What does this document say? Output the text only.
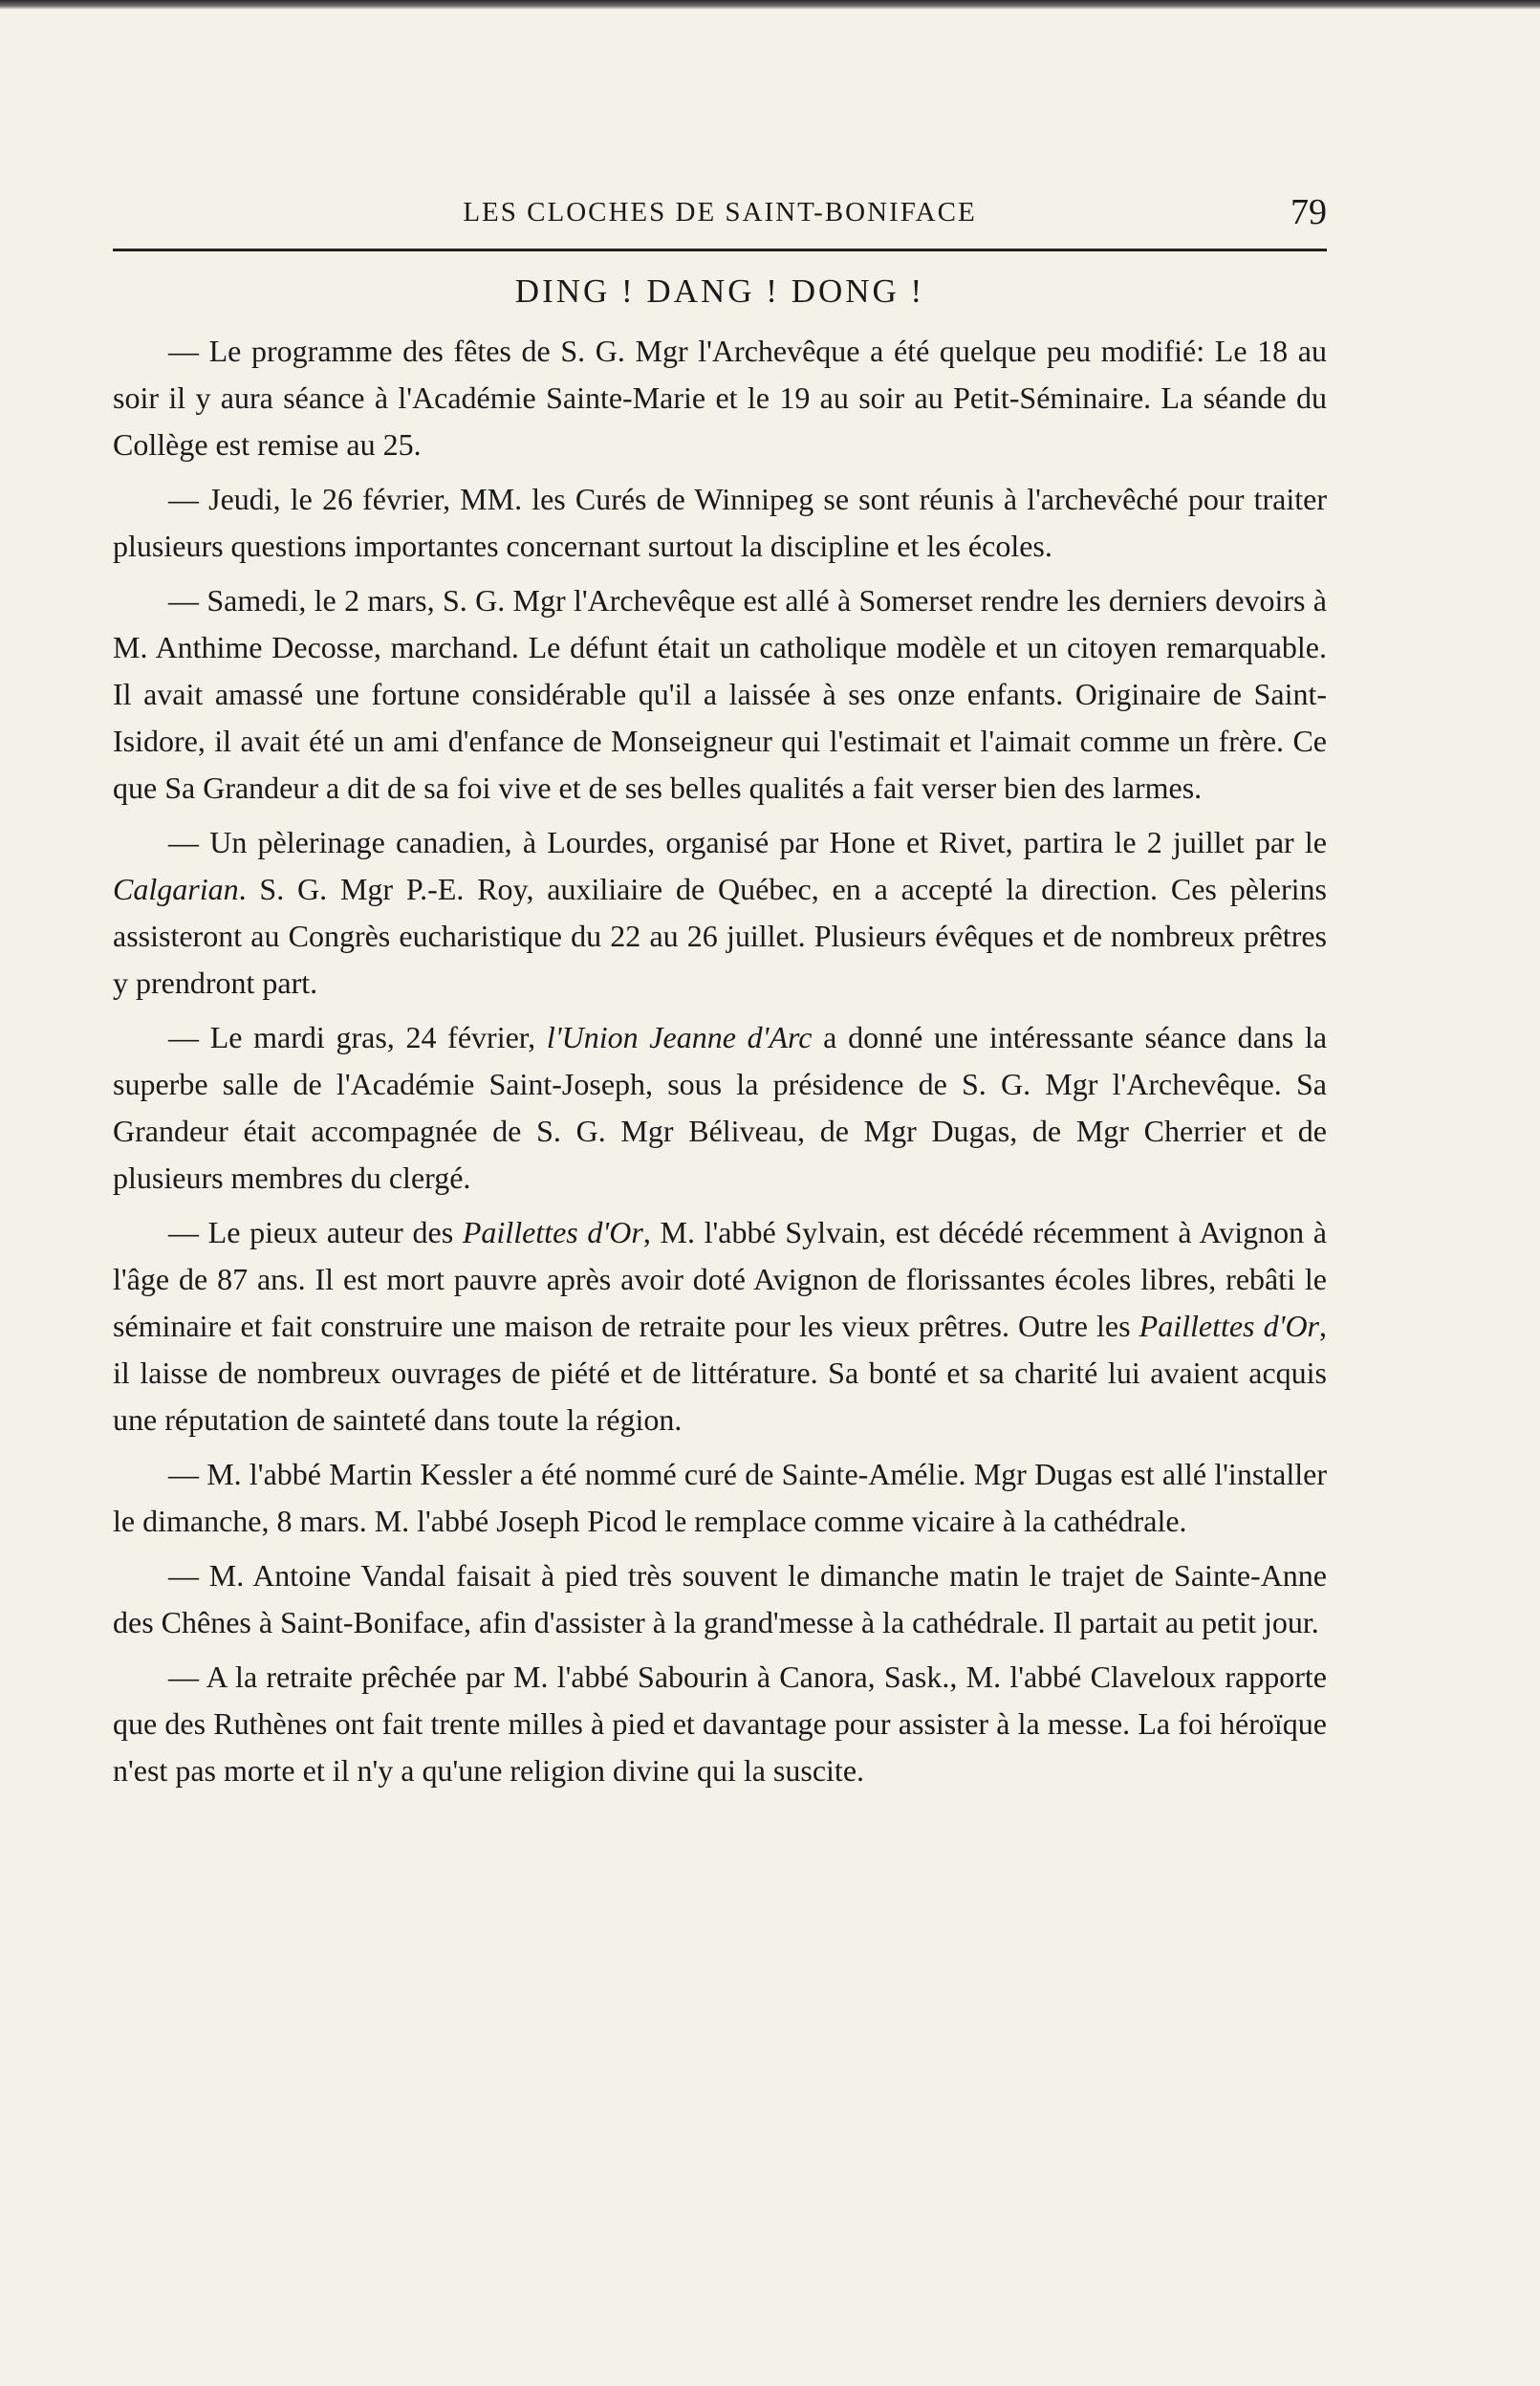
LES CLOCHES DE SAINT-BONIFACE	79
DING ! DANG ! DONG !

— Le programme des fêtes de S. G. Mgr l'Archevêque a été quelque peu modifié: Le 18 au soir il y aura séance à l'Académie Sainte-Marie et le 19 au soir au Petit-Séminaire. La séande du Collège est remise au 25.

— Jeudi, le 26 février, MM. les Curés de Winnipeg se sont réunis à l'archevêché pour traiter plusieurs questions importantes concernant surtout la discipline et les écoles.

— Samedi, le 2 mars, S. G. Mgr l'Archevêque est allé à Somerset rendre les derniers devoirs à M. Anthime Decosse, marchand. Le défunt était un catholique modèle et un citoyen remarquable. Il avait amassé une fortune considérable qu'il a laissée à ses onze enfants. Originaire de Saint-Isidore, il avait été un ami d'enfance de Monseigneur qui l'estimait et l'aimait comme un frère. Ce que Sa Grandeur a dit de sa foi vive et de ses belles qualités a fait verser bien des larmes.

— Un pèlerinage canadien, à Lourdes, organisé par Hone et Rivet, partira le 2 juillet par le Calgarian. S. G. Mgr P.-E. Roy, auxiliaire de Québec, en a accepté la direction. Ces pèlerins assisteront au Congrès eucharistique du 22 au 26 juillet. Plusieurs évêques et de nombreux prêtres y prendront part.

— Le mardi gras, 24 février, l'Union Jeanne d'Arc a donné une intéressante séance dans la superbe salle de l'Académie Saint-Joseph, sous la présidence de S. G. Mgr l'Archevêque. Sa Grandeur était accompagnée de S. G. Mgr Béliveau, de Mgr Dugas, de Mgr Cherrier et de plusieurs membres du clergé.

— Le pieux auteur des Paillettes d'Or, M. l'abbé Sylvain, est décédé récemment à Avignon à l'âge de 87 ans. Il est mort pauvre après avoir doté Avignon de florissantes écoles libres, rebâti le séminaire et fait construire une maison de retraite pour les vieux prêtres. Outre les Paillettes d'Or, il laisse de nombreux ouvrages de piété et de littérature. Sa bonté et sa charité lui avaient acquis une réputation de sainteté dans toute la région.

— M. l'abbé Martin Kessler a été nommé curé de Sainte-Amélie. Mgr Dugas est allé l'installer le dimanche, 8 mars. M. l'abbé Joseph Picod le remplace comme vicaire à la cathédrale.

— M. Antoine Vandal faisait à pied très souvent le dimanche matin le trajet de Sainte-Anne des Chênes à Saint-Boniface, afin d'assister à la grand'messe à la cathédrale. Il partait au petit jour.

— A la retraite prêchée par M. l'abbé Sabourin à Canora, Sask., M. l'abbé Claveloux rapporte que des Ruthènes ont fait trente milles à pied et davantage pour assister à la messe. La foi héroïque n'est pas morte et il n'y a qu'une religion divine qui la suscite.
